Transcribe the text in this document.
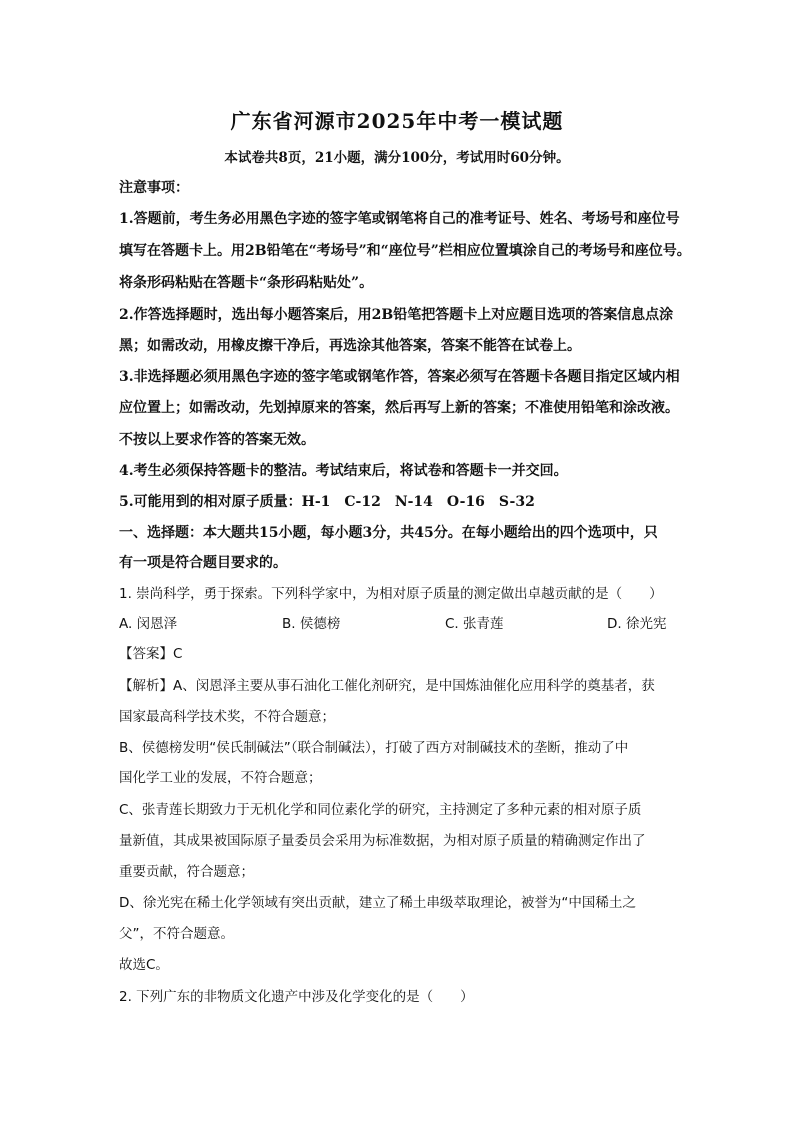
广东省河源市2025年中考一模试题
本试卷共8页，21小题，满分100分，考试用时60分钟。
注意事项：
1.答题前，考生务必用黑色字迹的签字笔或钢笔将自己的准考证号、姓名、考场号和座位号
填写在答题卡上。用2B铅笔在“考场号”和“座位号”栏相应位置填涂自己的考场号和座位号。
将条形码粘贴在答题卡“条形码粘贴处”。
2.作答选择题时，选出每小题答案后，用2B铅笔把答题卡上对应题目选项的答案信息点涂
黑；如需改动，用橡皮擦干净后，再选涂其他答案，答案不能答在试卷上。
3.非选择题必须用黑色字迹的签字笔或钢笔作答，答案必须写在答题卡各题目指定区域内相
应位置上；如需改动，先划掉原来的答案，然后再写上新的答案；不准使用铅笔和涂改液。
不按以上要求作答的答案无效。
4.考生必须保持答题卡的整洁。考试结束后，将试卷和答题卡一并交回。
5.可能用到的相对原子质量：H-1　C-12　N-14　O-16　S-32
一、选择题：本大题共15小题，每小题3分，共45分。在每小题给出的四个选项中，只
有一项是符合题目要求的。
1. 崇尚科学，勇于探索。下列科学家中，为相对原子质量的测定做出卓越贡献的是（　　）
A. 闵恩泽	B. 侯德榜	C. 张青莲	D. 徐光宪
【答案】C
【解析】A、闵恩泽主要从事石油化工催化剂研究，是中国炼油催化应用科学的奠基者，获
国家最高科学技术奖，不符合题意；
B、侯德榜发明“侯氏制碱法”（联合制碱法），打破了西方对制碱技术的垄断，推动了中
国化学工业的发展，不符合题意；
C、张青莲长期致力于无机化学和同位素化学的研究，主持测定了多种元素的相对原子质
量新值，其成果被国际原子量委员会采用为标准数据，为相对原子质量的精确测定作出了
重要贡献，符合题意；
D、徐光宪在稀土化学领域有突出贡献，建立了稀土串级萃取理论，被誉为“中国稀土之
父”，不符合题意。
故选C。
2. 下列广东的非物质文化遗产中涉及化学变化的是（　　）
